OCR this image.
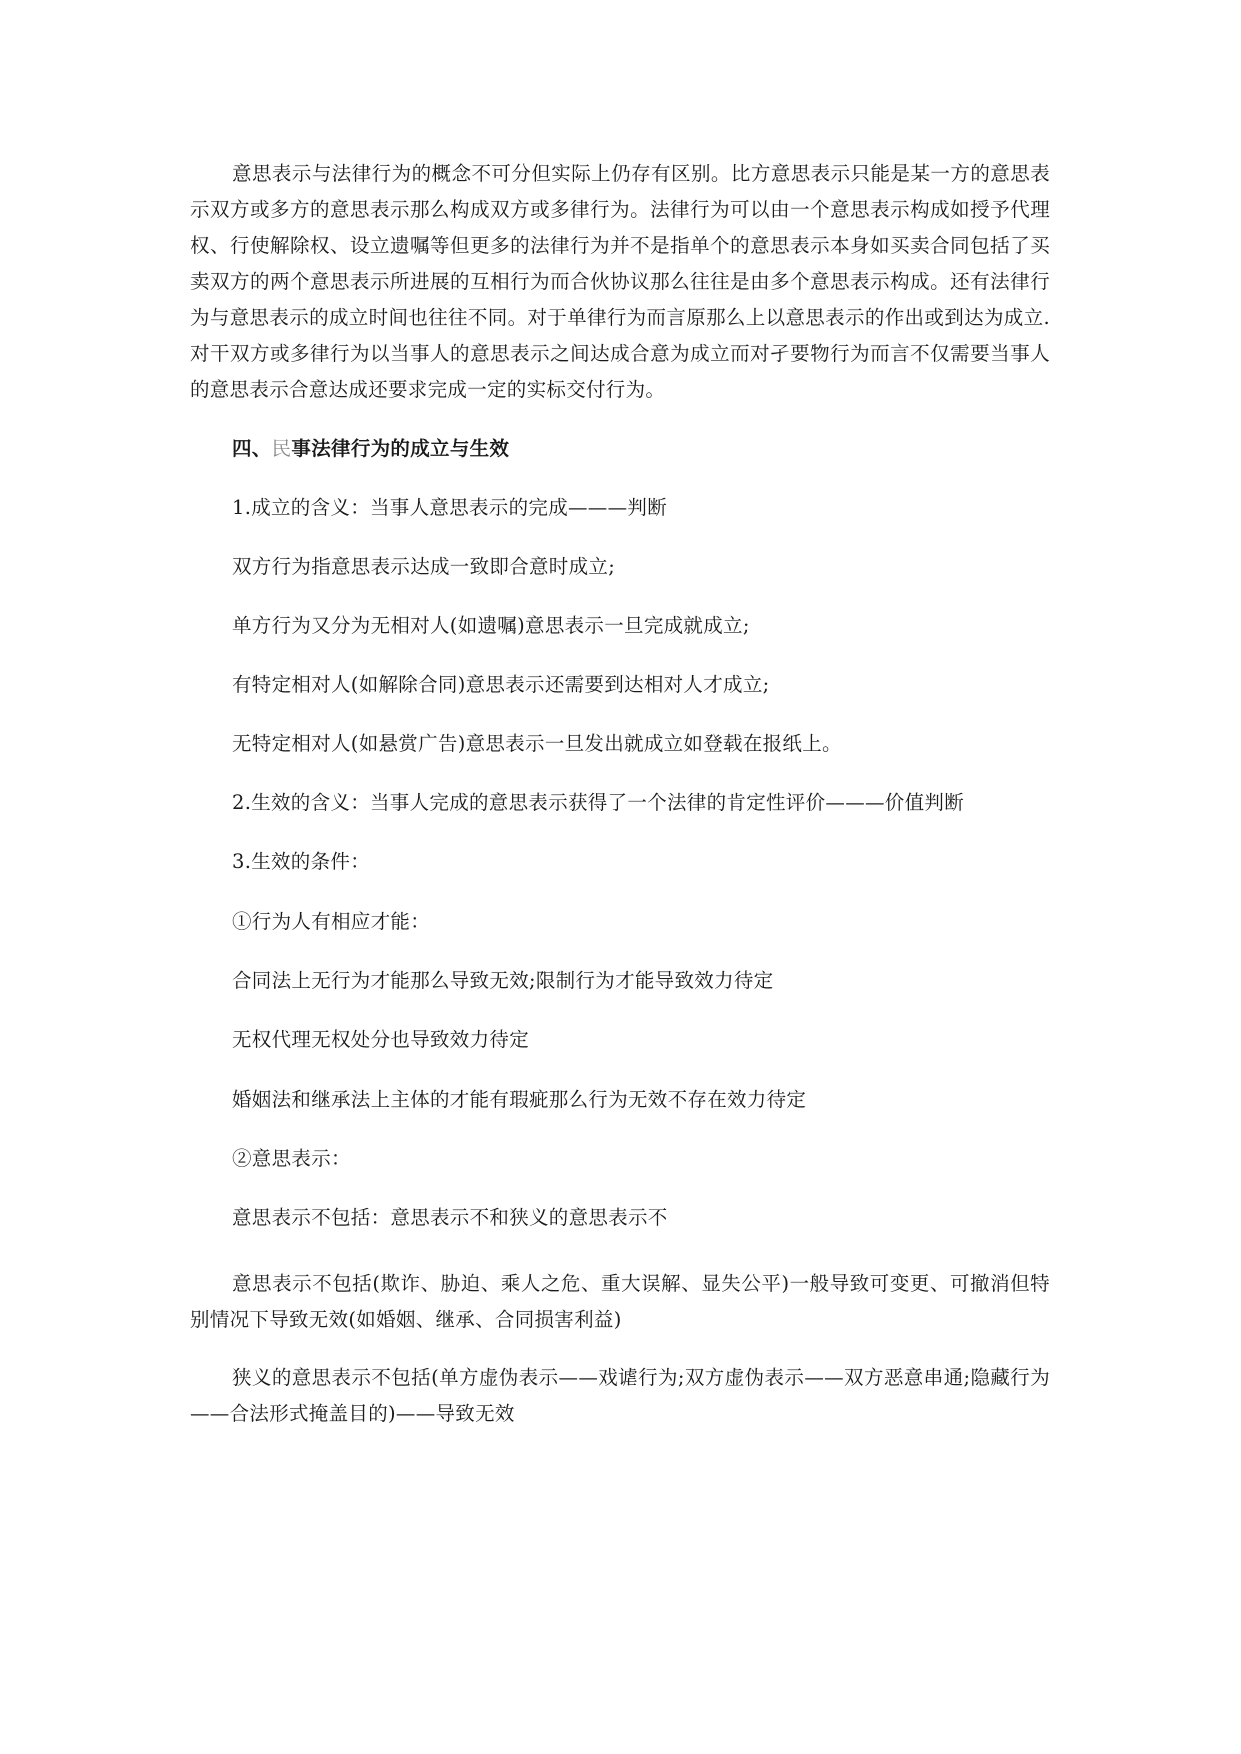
意思表示与法律行为的概念不可分但实际上仍存有区别。比方意思表示只能是某一方的意思表示双方或多方的意思表示那么构成双方或多律行为。法律行为可以由一个意思表示构成如授予代理权、行使解除权、设立遗嘱等但更多的法律行为并不是指单个的意思表示本身如买卖合同包括了买卖双方的两个意思表示所进展的互相行为而合伙协议那么往往是由多个意思表示构成。还有法律行为与意思表示的成立时间也往往不同。对于单律行为而言原那么上以意思表示的作出或到达为成立.对干双方或多律行为以当事人的意思表示之间达成合意为成立而对孑要物行为而言不仅需要当事人的意思表示合意达成还要求完成一定的实标交付行为。

四、民事法律行为的成立与生效

1.成立的含义：当事人意思表示的完成———判断

双方行为指意思表示达成一致即合意时成立;

单方行为又分为无相对人(如遗嘱)意思表示一旦完成就成立;

有特定相对人(如解除合同)意思表示还需要到达相对人才成立;

无特定相对人(如悬赏广告)意思表示一旦发出就成立如登载在报纸上。

2.生效的含义：当事人完成的意思表示获得了一个法律的肯定性评价———价值判断

3.生效的条件：

①行为人有相应才能：

合同法上无行为才能那么导致无效;限制行为才能导致效力待定

无权代理无权处分也导致效力待定

婚姻法和继承法上主体的才能有瑕疵那么行为无效不存在效力待定

②意思表示：

意思表示不包括：意思表示不和狭义的意思表示不

意思表示不包括(欺诈、胁迫、乘人之危、重大误解、显失公平)一般导致可变更、可撤消但特别情况下导致无效(如婚姻、继承、合同损害利益)

狭义的意思表示不包括(单方虚伪表示——戏谑行为;双方虚伪表示——双方恶意串通;隐藏行为——合法形式掩盖目的)——导致无效
